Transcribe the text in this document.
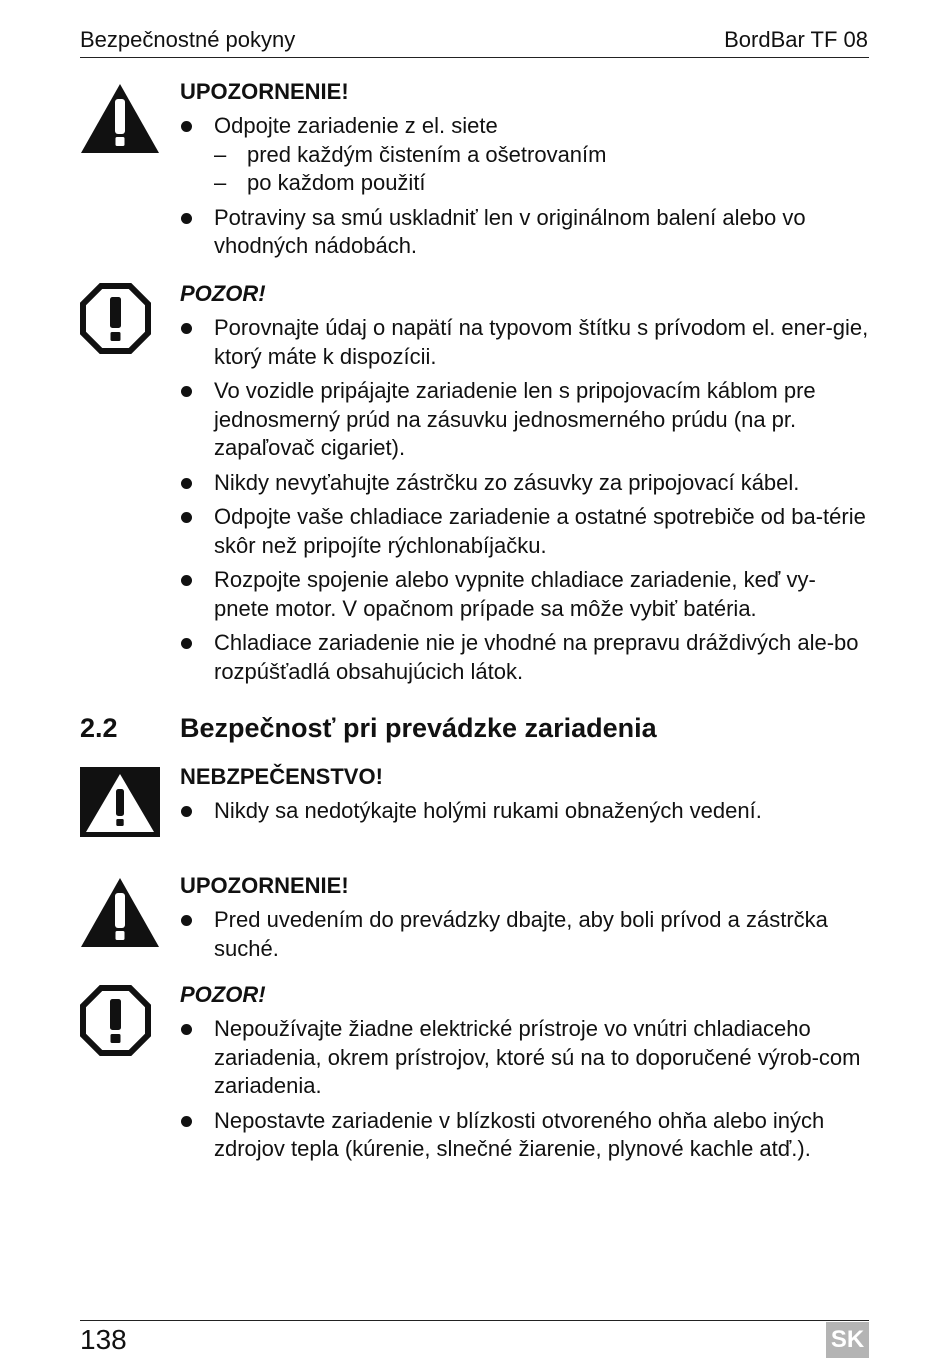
Bezpečnostné pokyny	BordBar TF 08
UPOZORNENIE!
Odpojte zariadenie z el. siete
– pred každým čistením a ošetrovaním
– po každom použití
Potraviny sa smú uskladniť len v originálnom balení alebo vo vhodných nádobách.
POZOR!
Porovnajte údaj o napätí na typovom štítku s prívodom el. ener-gie, ktorý máte k dispozícii.
Vo vozidle pripájajte zariadenie len s pripojovacím káblom pre jednosmerný prúd na zásuvku jednosmerného prúdu (na pr. zapaľovač cigariet).
Nikdy nevyťahujte zástrčku zo zásuvky za pripojovací kábel.
Odpojte vaše chladiace zariadenie a ostatné spotrebiče od ba-térie skôr než pripojíte rýchlonabíjačku.
Rozpojte spojenie alebo vypnite chladiace zariadenie, keď vy-pnete motor. V opačnom prípade sa môže vybiť batéria.
Chladiace zariadenie nie je vhodné na prepravu dráždivých ale-bo rozpúšťadlá obsahujúcich látok.
2.2 Bezpečnosť pri prevádzke zariadenia
NEBZPEČENSTVO!
Nikdy sa nedotýkajte holými rukami obnažených vedení.
UPOZORNENIE!
Pred uvedením do prevádzky dbajte, aby boli prívod a zástrčka suché.
POZOR!
Nepoužívajte žiadne elektrické prístroje vo vnútri chladiaceho zariadenia, okrem prístrojov, ktoré sú na to doporučené výrob-com zariadenia.
Nepostavte zariadenie v blízkosti otvoreného ohňa alebo iných zdrojov tepla (kúrenie, slnečné žiarenie, plynové kachle atď.).
138	SK
